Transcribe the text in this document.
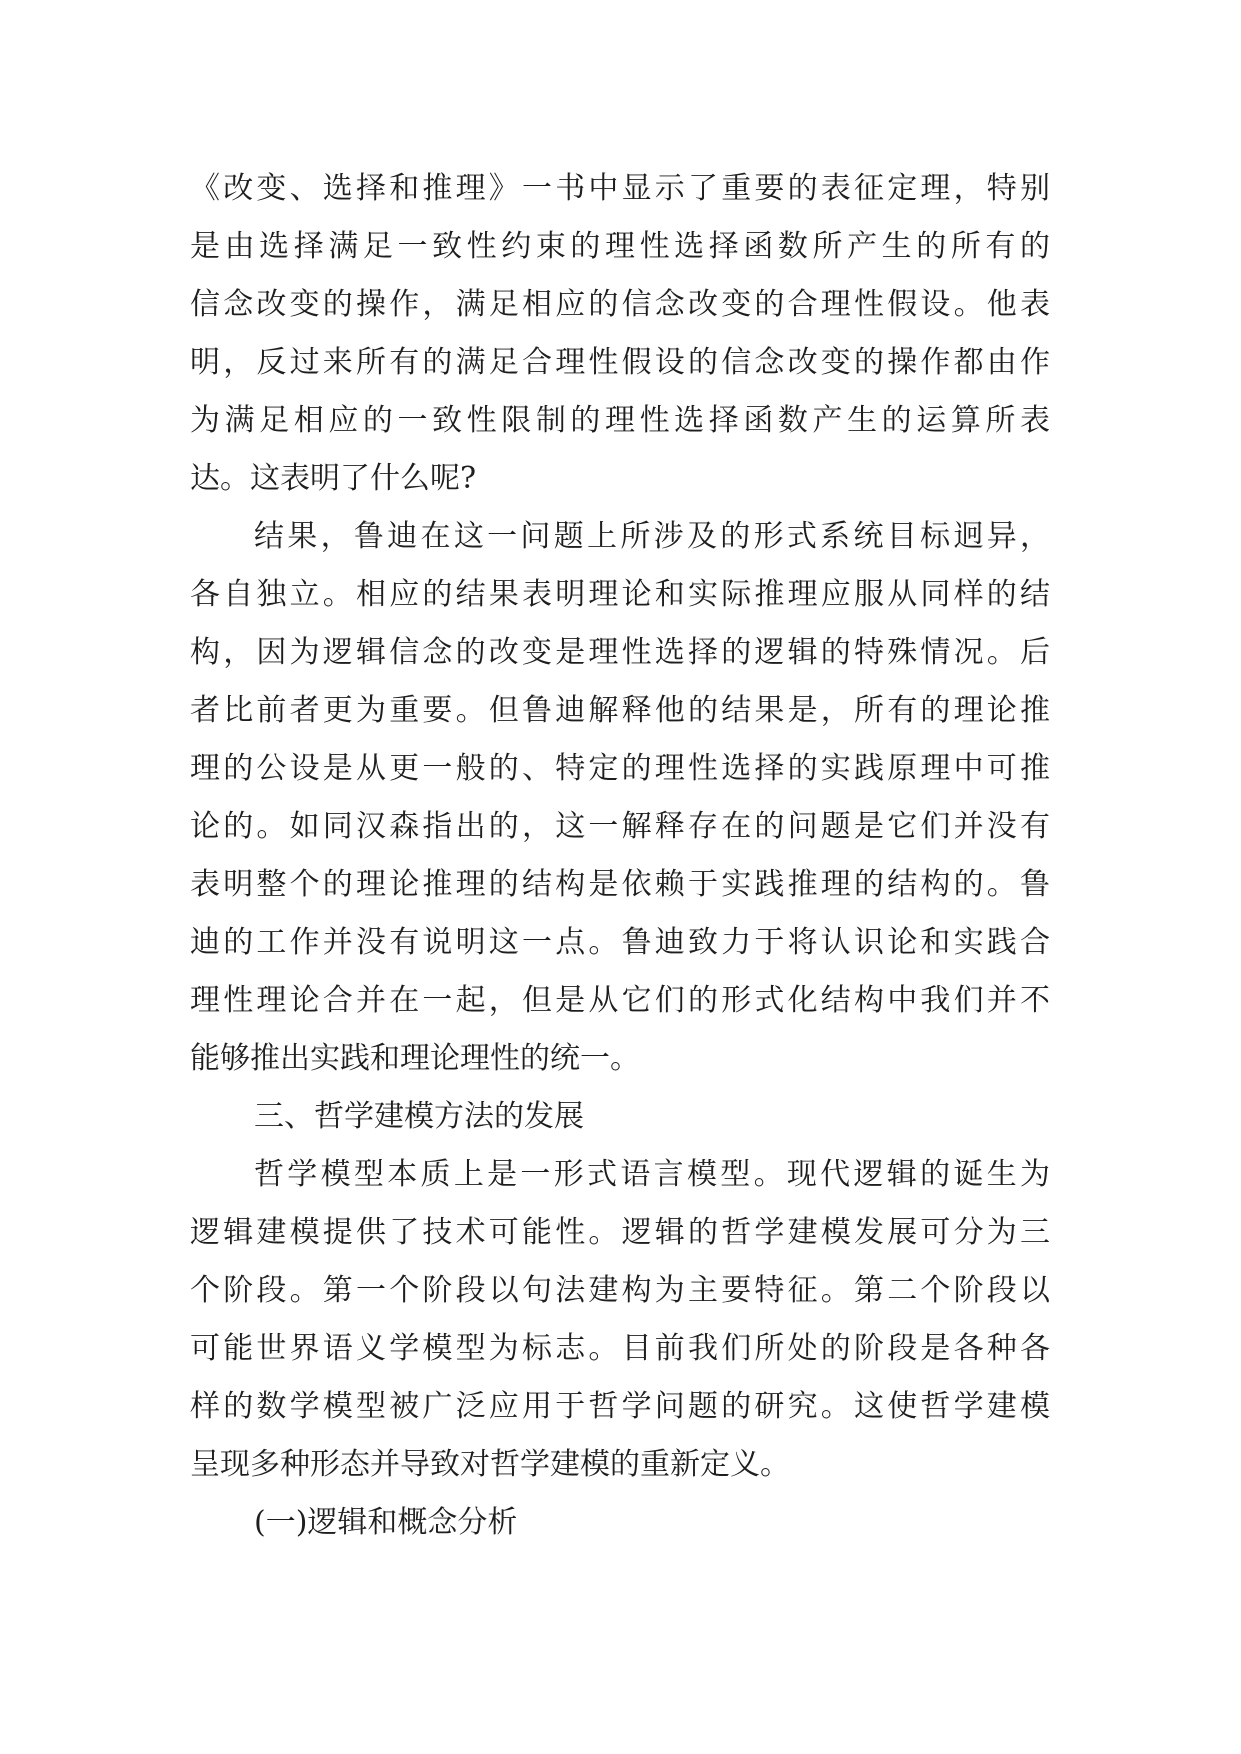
《改变、选择和推理》一书中显示了重要的表征定理，特别
是由选择满足一致性约束的理性选择函数所产生的所有的
信念改变的操作，满足相应的信念改变的合理性假设。他表
明，反过来所有的满足合理性假设的信念改变的操作都由作
为满足相应的一致性限制的理性选择函数产生的运算所表
达。这表明了什么呢?
结果，鲁迪在这一问题上所涉及的形式系统目标迥异，
各自独立。相应的结果表明理论和实际推理应服从同样的结
构，因为逻辑信念的改变是理性选择的逻辑的特殊情况。后
者比前者更为重要。但鲁迪解释他的结果是，所有的理论推
理的公设是从更一般的、特定的理性选择的实践原理中可推
论的。如同汉森指出的，这一解释存在的问题是它们并没有
表明整个的理论推理的结构是依赖于实践推理的结构的。鲁
迪的工作并没有说明这一点。鲁迪致力于将认识论和实践合
理性理论合并在一起，但是从它们的形式化结构中我们并不
能够推出实践和理论理性的统一。
三、哲学建模方法的发展
哲学模型本质上是一形式语言模型。现代逻辑的诞生为
逻辑建模提供了技术可能性。逻辑的哲学建模发展可分为三
个阶段。第一个阶段以句法建构为主要特征。第二个阶段以
可能世界语义学模型为标志。目前我们所处的阶段是各种各
样的数学模型被广泛应用于哲学问题的研究。这使哲学建模
呈现多种形态并导致对哲学建模的重新定义。
(一)逻辑和概念分析
